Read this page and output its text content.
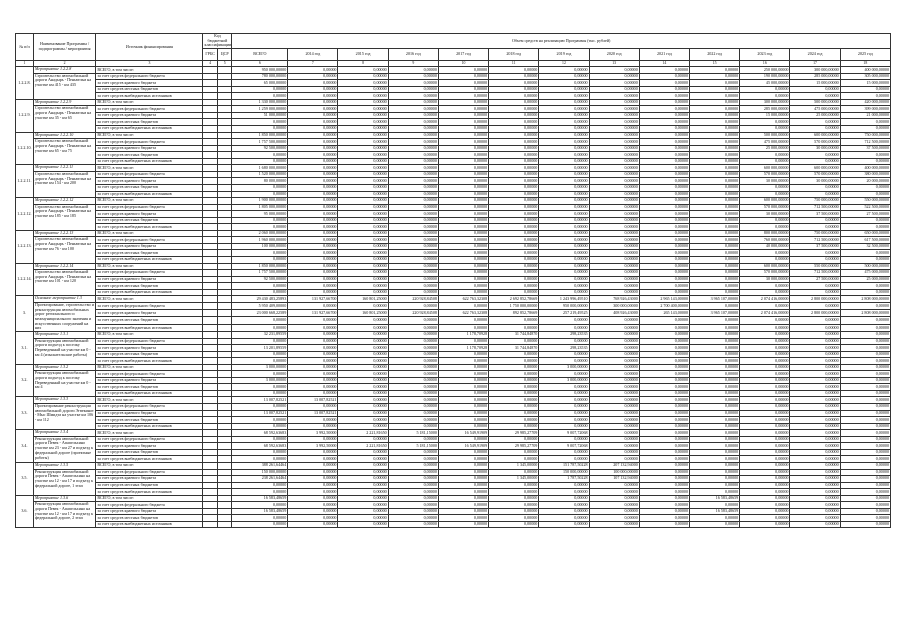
№ п/п	Наименование Программы / подпрограммы / мероприятия	Источник финансирования	Код бюджетной классификации		Объем средств на реализацию Программы (тыс. рублей)												
			ГРБС	ЦСР	ВСЕГО	2014 год	2015 год	2016 год	2017 год	2018 год	2019 год	2020 год	2021 год	2022 год	2023 год	2024 год	2025 год
1	2	3	4	5	6	7	8	9	10	11	12	13	14	15	16	17	18
1.2.2.8.	Мероприятие 1.2.2.8	ВСЕГО, в том числе:			950 000,00000	0,00000	0,00000	0,00000	0,00000	0,00000	0,00000	0,00000	0,00000	0,00000	250 000,00000	300 000,00000	400 000,00000
	Строительство автомобильной дороги Анадырь - Пеньвельм на участке км 415 - км 435	за счет средств федерального бюджета			780 000,00000	0,00000	0,00000	0,00000	0,00000	0,00000	0,00000	0,00000	0,00000	0,00000	190 000,00000	285 000,00000	305 000,00000
		за счет средств краевого бюджета			65 000,00000	0,00000	0,00000	0,00000	0,00000	0,00000	0,00000	0,00000	0,00000	0,00000	45 000,00000	15 000,00000	15 000,00000
		за счет средств местных бюджетов			0,00000	0,00000	0,00000	0,00000	0,00000	0,00000	0,00000	0,00000	0,00000	0,00000	0,00000	0,00000	0,00000
		за счет средств внебюджетных источников			0,00000	0,00000	0,00000	0,00000	0,00000	0,00000	0,00000	0,00000	0,00000	0,00000	0,00000	0,00000	0,00000
1.2.2.9.	Мероприятие 1.2.2.9	ВСЕГО, в том числе:			1 330 000,00000	0,00000	0,00000	0,00000	0,00000	0,00000	0,00000	0,00000	0,00000	0,00000	300 000,00000	500 000,00000	420 000,00000
	Строительство автомобильной дороги Анадырь - Пеньвельм на участке км 35 - км 65	за счет средств федерального бюджета			1 259 000,00000	0,00000	0,00000	0,00000	0,00000	0,00000	0,00000	0,00000	0,00000	0,00000	285 000,00000	475 000,00000	399 000,00000
		за счет средств краевого бюджета			51 000,00000	0,00000	0,00000	0,00000	0,00000	0,00000	0,00000	0,00000	0,00000	0,00000	15 000,00000	25 000,00000	21 000,00000
		за счет средств местных бюджетов			0,00000	0,00000	0,00000	0,00000	0,00000	0,00000	0,00000	0,00000	0,00000	0,00000	0,00000	0,00000	0,00000
		за счет средств внебюджетных источников			0,00000	0,00000	0,00000	0,00000	0,00000	0,00000	0,00000	0,00000	0,00000	0,00000	0,00000	0,00000	0,00000
1.2.2.10.	Мероприятие 1.2.2.10	ВСЕГО, в том числе:			1 850 000,00000	0,00000	0,00000	0,00000	0,00000	0,00000	0,00000	0,00000	0,00000	0,00000	500 000,00000	600 000,00000	750 000,00000
	Строительство автомобильной дороги Анадырь - Пеньвельм на участке км 65 - км 75	за счет средств федерального бюджета			1 757 500,00000	0,00000	0,00000	0,00000	0,00000	0,00000	0,00000	0,00000	0,00000	0,00000	475 000,00000	570 000,00000	712 500,00000
		за счет средств краевого бюджета			92 500,00000	0,00000	0,00000	0,00000	0,00000	0,00000	0,00000	0,00000	0,00000	0,00000	25 000,00000	30 000,00000	37 500,00000
		за счет средств местных бюджетов			0,00000	0,00000	0,00000	0,00000	0,00000	0,00000	0,00000	0,00000	0,00000	0,00000	0,00000	0,00000	0,00000
		за счет средств внебюджетных источников			0,00000	0,00000	0,00000	0,00000	0,00000	0,00000	0,00000	0,00000	0,00000	0,00000	0,00000	0,00000	0,00000
1.2.2.11.	Мероприятие 1.2.2.11	ВСЕГО, в том числе:			1 680 000,00000	0,00000	0,00000	0,00000	0,00000	0,00000	0,00000	0,00000	0,00000	0,00000	600 000,00000	600 000,00000	400 000,00000
	Строительство автомобильной дороги Анадырь - Пеньвельм на участке км 154 - км 200	за счет средств федерального бюджета			1 520 000,00000	0,00000	0,00000	0,00000	0,00000	0,00000	0,00000	0,00000	0,00000	0,00000	570 000,00000	570 000,00000	380 000,00000
		за счет средств краевого бюджета			80 000,00000	0,00000	0,00000	0,00000	0,00000	0,00000	0,00000	0,00000	0,00000	0,00000	30 000,00000	30 000,00000	20 000,00000
		за счет средств местных бюджетов			0,00000	0,00000	0,00000	0,00000	0,00000	0,00000	0,00000	0,00000	0,00000	0,00000	0,00000	0,00000	0,00000
		за счет средств внебюджетных источников			0,00000	0,00000	0,00000	0,00000	0,00000	0,00000	0,00000	0,00000	0,00000	0,00000	0,00000	0,00000	0,00000
1.2.2.12.	Мероприятие 1.2.2.12	ВСЕГО, в том числе:			1 900 000,00000	0,00000	0,00000	0,00000	0,00000	0,00000	0,00000	0,00000	0,00000	0,00000	600 000,00000	750 000,00000	550 000,00000
	Строительство автомобильной дороги Анадырь - Пеньвельм на участке км 185 - км 185	за счет средств федерального бюджета			1 805 000,00000	0,00000	0,00000	0,00000	0,00000	0,00000	0,00000	0,00000	0,00000	0,00000	570 000,00000	712 500,00000	522 500,00000
		за счет средств краевого бюджета			95 000,00000	0,00000	0,00000	0,00000	0,00000	0,00000	0,00000	0,00000	0,00000	0,00000	30 000,00000	37 500,00000	27 500,00000
		за счет средств местных бюджетов			0,00000	0,00000	0,00000	0,00000	0,00000	0,00000	0,00000	0,00000	0,00000	0,00000	0,00000	0,00000	0,00000
		за счет средств внебюджетных источников			0,00000	0,00000	0,00000	0,00000	0,00000	0,00000	0,00000	0,00000	0,00000	0,00000	0,00000	0,00000	0,00000
1.2.2.13.	Мероприятие 1.2.2.13	ВСЕГО, в том числе:			2 060 000,00000	0,00000	0,00000	0,00000	0,00000	0,00000	0,00000	0,00000	0,00000	0,00000	800 000,00000	750 000,00000	650 000,00000
	Строительство автомобильной дороги Анадырь - Пеньвельм на участке км 76 - км 100	за счет средств федерального бюджета			1 960 000,00000	0,00000	0,00000	0,00000	0,00000	0,00000	0,00000	0,00000	0,00000	0,00000	760 000,00000	712 500,00000	617 500,00000
		за счет средств краевого бюджета			100 000,00000	0,00000	0,00000	0,00000	0,00000	0,00000	0,00000	0,00000	0,00000	0,00000	40 000,00000	37 500,00000	32 500,00000
		за счет средств местных бюджетов			0,00000	0,00000	0,00000	0,00000	0,00000	0,00000	0,00000	0,00000	0,00000	0,00000	0,00000	0,00000	0,00000
		за счет средств внебюджетных источников			0,00000	0,00000	0,00000	0,00000	0,00000	0,00000	0,00000	0,00000	0,00000	0,00000	0,00000	0,00000	0,00000
1.2.2.14.	Мероприятие 1.2.2.14	ВСЕГО, в том числе:			1 850 000,00000	0,00000	0,00000	0,00000	0,00000	0,00000	0,00000	0,00000	0,00000	0,00000	600 000,00000	550 000,00000	500 000,00000
	Строительство автомобильной дороги Анадырь - Пеньвельм на участке км 101 - км 120	за счет средств федерального бюджета			1 757 500,00000	0,00000	0,00000	0,00000	0,00000	0,00000	0,00000	0,00000	0,00000	0,00000	570 000,00000	712 500,00000	475 000,00000
		за счет средств краевого бюджета			92 500,00000	0,00000	0,00000	0,00000	0,00000	0,00000	0,00000	0,00000	0,00000	0,00000	30 000,00000	27 500,00000	25 000,00000
		за счет средств местных бюджетов			0,00000	0,00000	0,00000	0,00000	0,00000	0,00000	0,00000	0,00000	0,00000	0,00000	0,00000	0,00000	0,00000
		за счет средств внебюджетных источников			0,00000	0,00000	0,00000	0,00000	0,00000	0,00000	0,00000	0,00000	0,00000	0,00000	0,00000	0,00000	0,00000
3.	Основное мероприятие 1.3	ВСЕГО, в том числе:			29 430 483,25893	131 927,66700	160 801,25000	220 928,84508	622 763,32308	2 692 852,78669	1 243 996,49510	768 926,43000	2 965 143,00000	3 965 107,00000	2 074 416,00000	2 800 000,00000	2 808 000,00000
	Проектирование, строительство и реконструкция автомобильных дорог регионального и межмуниципального значения и искусственных сооружений на них	за счет средств федерального бюджета			5 950 409,00000	0,00000	0,00000	0,00000	0,00000	1 750 000,00000	950 000,00000	300 000,00000	2 700 400,00000	0,00000	0,00000	0,00000	0,00000
		за счет средств краевого бюджета			23 000 668,22589	131 927,66700	160 801,25000	220 928,84508	622 763,32308	892 852,78669	257 219,49525	408 926,43000	265 143,00000	3 965 107,00000	2 074 416,00000	2 800 000,00000	2 808 000,00000
		за счет средств местных бюджетов			0,00000	0,00000	0,00000	0,00000	0,00000	0,00000	0,00000	0,00000	0,00000	0,00000	0,00000	0,00000	0,00000
		за счет средств внебюджетных источников			0,00000	0,00000	0,00000	0,00000	0,00000	0,00000	0,00000	0,00000	0,00000	0,00000	0,00000	0,00000	0,00000
3.1.	Мероприятие 1.3.1	ВСЕГО, в том числе:			32 231,89559	0,00000	0,00000	0,00000	1 178,70928	31 744,84870	298,23535	0,00000	0,00000	0,00000	0,00000	0,00000	0,00000
	Реконструкция автомобильной дороги подъезд к поселку Переведенный на участке км 0 - км 4 (изыскательские работы)	за счет средств федерального бюджета			0,00000	0,00000	0,00000	0,00000	0,00000	0,00000	0,00000	0,00000	0,00000	0,00000	0,00000	0,00000	0,00000
		за счет средств краевого бюджета			13 201,89559	0,00000	0,00000	0,00000	1 178,70928	31 744,84870	298,23535	0,00000	0,00000	0,00000	0,00000	0,00000	0,00000
		за счет средств местных бюджетов			0,00000	0,00000	0,00000	0,00000	0,00000	0,00000	0,00000	0,00000	0,00000	0,00000	0,00000	0,00000	0,00000
		за счет средств внебюджетных источников			0,00000	0,00000	0,00000	0,00000	0,00000	0,00000	0,00000	0,00000	0,00000	0,00000	0,00000	0,00000	0,00000
3.2.	Мероприятие 1.3.2	ВСЕГО, в том числе:			3 000,00000	0,00000	0,00000	0,00000	0,00000	0,00000	3 000,00000	0,00000	0,00000	0,00000	0,00000	0,00000	0,00000
	Реконструкция автомобильной дороги подъезд к поселку Переведенный на участке км 0 - км 4	за счет средств федерального бюджета			0,00000	0,00000	0,00000	0,00000	0,00000	0,00000	0,00000	0,00000	0,00000	0,00000	0,00000	0,00000	0,00000
		за счет средств краевого бюджета			3 000,00000	0,00000	0,00000	0,00000	0,00000	0,00000	3 000,00000	0,00000	0,00000	0,00000	0,00000	0,00000	0,00000
		за счет средств местных бюджетов			0,00000	0,00000	0,00000	0,00000	0,00000	0,00000	0,00000	0,00000	0,00000	0,00000	0,00000	0,00000	0,00000
		за счет средств внебюджетных источников			0,00000	0,00000	0,00000	0,00000	0,00000	0,00000	0,00000	0,00000	0,00000	0,00000	0,00000	0,00000	0,00000
3.3.	Мероприятие 1.3.3	ВСЕГО, в том числе:			13 007,82521	13 007,82521	0,00000	0,00000	0,00000	0,00000	0,00000	0,00000	0,00000	0,00000	0,00000	0,00000	0,00000
	Проектирование реконструкции автомобильной дороги Эгвекинот - Мыс Шмидта на участке км 106 - км 112	за счет средств федерального бюджета			0,00000	0,00000	0,00000	0,00000	0,00000	0,00000	0,00000	0,00000	0,00000	0,00000	0,00000	0,00000	0,00000
		за счет средств краевого бюджета			13 007,82521	13 007,82521	0,00000	0,00000	0,00000	0,00000	0,00000	0,00000	0,00000	0,00000	0,00000	0,00000	0,00000
		за счет средств местных бюджетов			0,00000	0,00000	0,00000	0,00000	0,00000	0,00000	0,00000	0,00000	0,00000	0,00000	0,00000	0,00000	0,00000
		за счет средств внебюджетных источников			0,00000	0,00000	0,00000	0,00000	0,00000	0,00000	0,00000	0,00000	0,00000	0,00000	0,00000	0,00000	0,00000
3.4.	Мероприятие 1.3.4	ВСЕГО, в том числе:			68 592,63683	3 992,50000	2 221,81650	5 181,15000	16 549,91909	29 985,27709	9 007,72068	0,00000	0,00000	0,00000	0,00000	0,00000	0,00000
	Реконструкция автомобильной дороги Певек - Апапельхино участке км 23 - км 27 и подъезд к федеральной дороге (проектные работы)	за счет средств федерального бюджета			0,00000	0,00000	0,00000	0,00000	0,00000	0,00000	0,00000	0,00000	0,00000	0,00000	0,00000	0,00000	0,00000
		за счет средств краевого бюджета			68 592,63683	3 992,50000	2 221,81650	5 181,15000	16 549,91909	29 985,27709	9 007,72068	0,00000	0,00000	0,00000	0,00000	0,00000	0,00000
		за счет средств местных бюджетов			0,00000	0,00000	0,00000	0,00000	0,00000	0,00000	0,00000	0,00000	0,00000	0,00000	0,00000	0,00000	0,00000
		за счет средств внебюджетных источников			0,00000	0,00000	0,00000	0,00000	0,00000	0,00000	0,00000	0,00000	0,00000	0,00000	0,00000	0,00000	0,00000
3.5.	Мероприятие 1.3.5	ВСЕГО, в том числе:			388 261,64464	0,00000	0,00000	0,00000	0,00000	1 345,00000	151 787,50228	207 132,94000	0,00000	0,00000	0,00000	0,00000	0,00000
	Реконструкция автомобильной дороги Певек - Апапельхино на участке км 12 - км 17 и подъезд к федеральной дороге, 1 этап	за счет средств федерального бюджета			150 000,00000	0,00000	0,00000	0,00000	0,00000	0,00000	150 000,00000	100 000,00000	0,00000	0,00000	0,00000	0,00000	0,00000
		за счет средств краевого бюджета			238 261,64464	0,00000	0,00000	0,00000	0,00000	1 345,00000	1 787,50228	107 132,94000	0,00000	0,00000	0,00000	0,00000	0,00000
		за счет средств местных бюджетов			0,00000	0,00000	0,00000	0,00000	0,00000	0,00000	0,00000	0,00000	0,00000	0,00000	0,00000	0,00000	0,00000
		за счет средств внебюджетных источников			0,00000	0,00000	0,00000	0,00000	0,00000	0,00000	0,00000	0,00000	0,00000	0,00000	0,00000	0,00000	0,00000
3.6.	Мероприятие 1.3.6	ВСЕГО, в том числе:			16 583,48659	0,00000	0,00000	0,00000	0,00000	0,00000	0,00000	0,00000	0,00000	16 583,48659	0,00000	0,00000	0,00000
	Реконструкция автомобильной дороги Певек - Апапельхино на участке км 12 - км 17 и подъезд к федеральной дороге, 2 этап	за счет средств федерального бюджета			0,00000	0,00000	0,00000	0,00000	0,00000	0,00000	0,00000	0,00000	0,00000	0,00000	0,00000	0,00000	0,00000
		за счет средств краевого бюджета			16 583,48659	0,00000	0,00000	0,00000	0,00000	0,00000	0,00000	0,00000	0,00000	16 583,48659	0,00000	0,00000	0,00000
		за счет средств местных бюджетов			0,00000	0,00000	0,00000	0,00000	0,00000	0,00000	0,00000	0,00000	0,00000	0,00000	0,00000	0,00000	0,00000
		за счет средств внебюджетных источников			0,00000	0,00000	0,00000	0,00000	0,00000	0,00000	0,00000	0,00000	0,00000	0,00000	0,00000	0,00000	0,00000
